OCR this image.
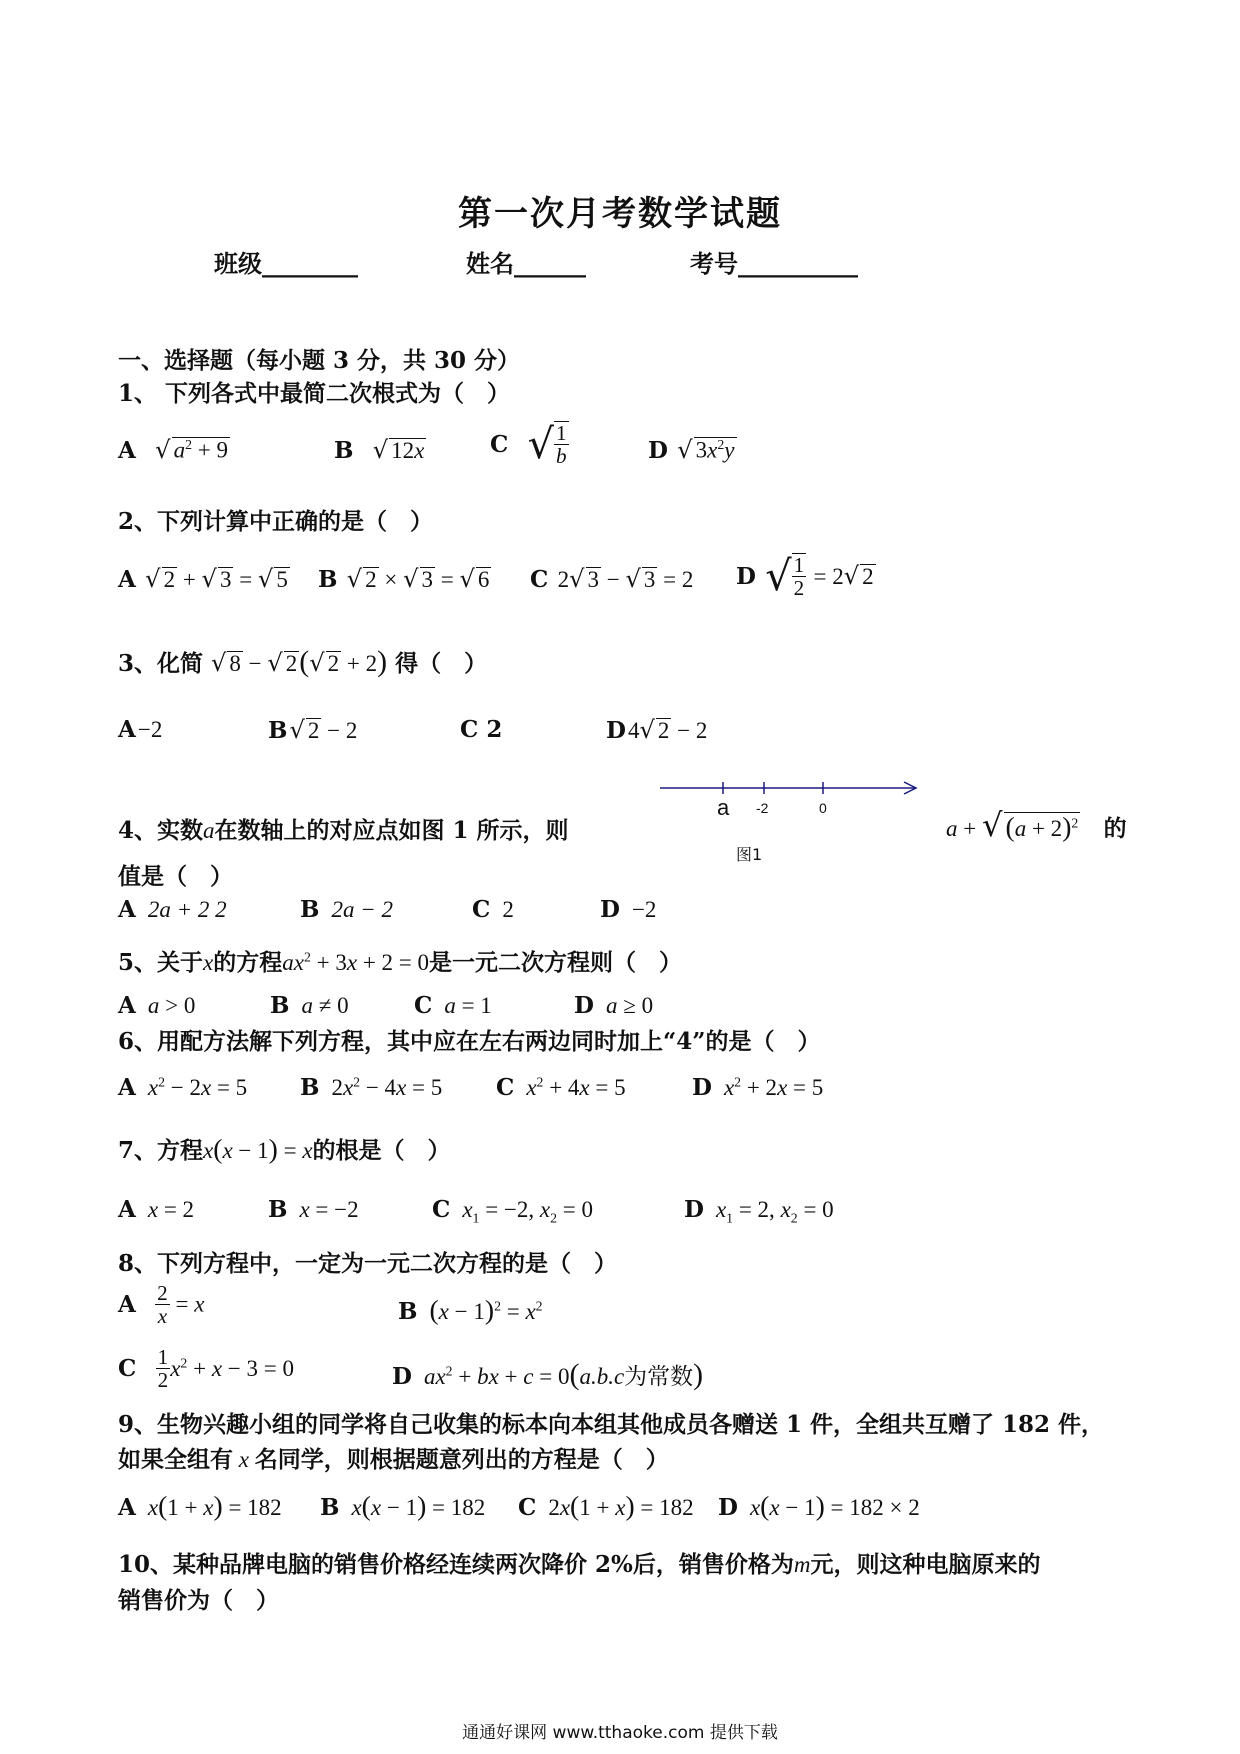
第一次月考数学试题
班级________	姓名______	考号__________
一、选择题（每小题 3 分，共 30 分）
1、 下列各式中最简二次根式为（　）
A √ $a^2 + 9$	B √ 12x	C √ $\frac{1}{b}$	D √ $3x^2y$
2、下列计算中正确的是（　）
A √ 2 + √ 3 = √ 5 B √ 2 × √ 3 = √ 6 C 2√ 3 − √ 3 = 2 D √ $\frac{1}{2} = 2√$ 2
3、化简 √ 8 − √ 2(√ 2 + 2) 得（　）
A−2	B√ 2 − 2	C 2	D4√ 2 − 2
4、实数a在数轴上的对应点如图 1 所示，则
a -2	0
图1
a + √ $(a + 2)^2$ 的
值是（　）
A 2a + 2 2	B 2a − 2	C 2	D −2
5、关于x的方程$ax^2 + 3x + 2 = 0$是一元二次方程则（　）
A a > 0	B a ≠ 0	C a = 1	D a ≥ 0
6、用配方法解下列方程，其中应在左右两边同时加上“4”的是（　）
A $x^2 - 2x = 5$ B $2x^2 - 4x = 5$ C $x^2 + 4x = 5$	D $x^2 + 2x = 5$
7、方程x(x − 1) = x的根是（　）
A x = 2	B x = −2	C $x_1 = -2$, $x_2 = 0$	D $x_1 = 2$, $x_2 = 0$
8、下列方程中，一定为一元二次方程的是（　）
A $\frac{2}{x} = x$	B $(x - 1)^2 = x^2$
C $\frac{1}{2} x^2 + x - 3 = 0$	D $ax^2$ + bx + c = 0(a.b.c为常数)
9、生物兴趣小组的同学将自己收集的标本向本组其他成员各赠送 1 件，全组共互赠了 182 件，
如果全组有 x 名同学，则根据题意列出的方程是（　）
A x(1 + x) = 182 B x(x − 1) = 182 C 2x(1 + x) = 182 D x(x − 1) = 182 × 2
10、某种品牌电脑的销售价格经连续两次降价 2%后，销售价格为m元，则这种电脑原来的
销售价为（　）
通通好课网 www.tthaoke.com 提供下载
